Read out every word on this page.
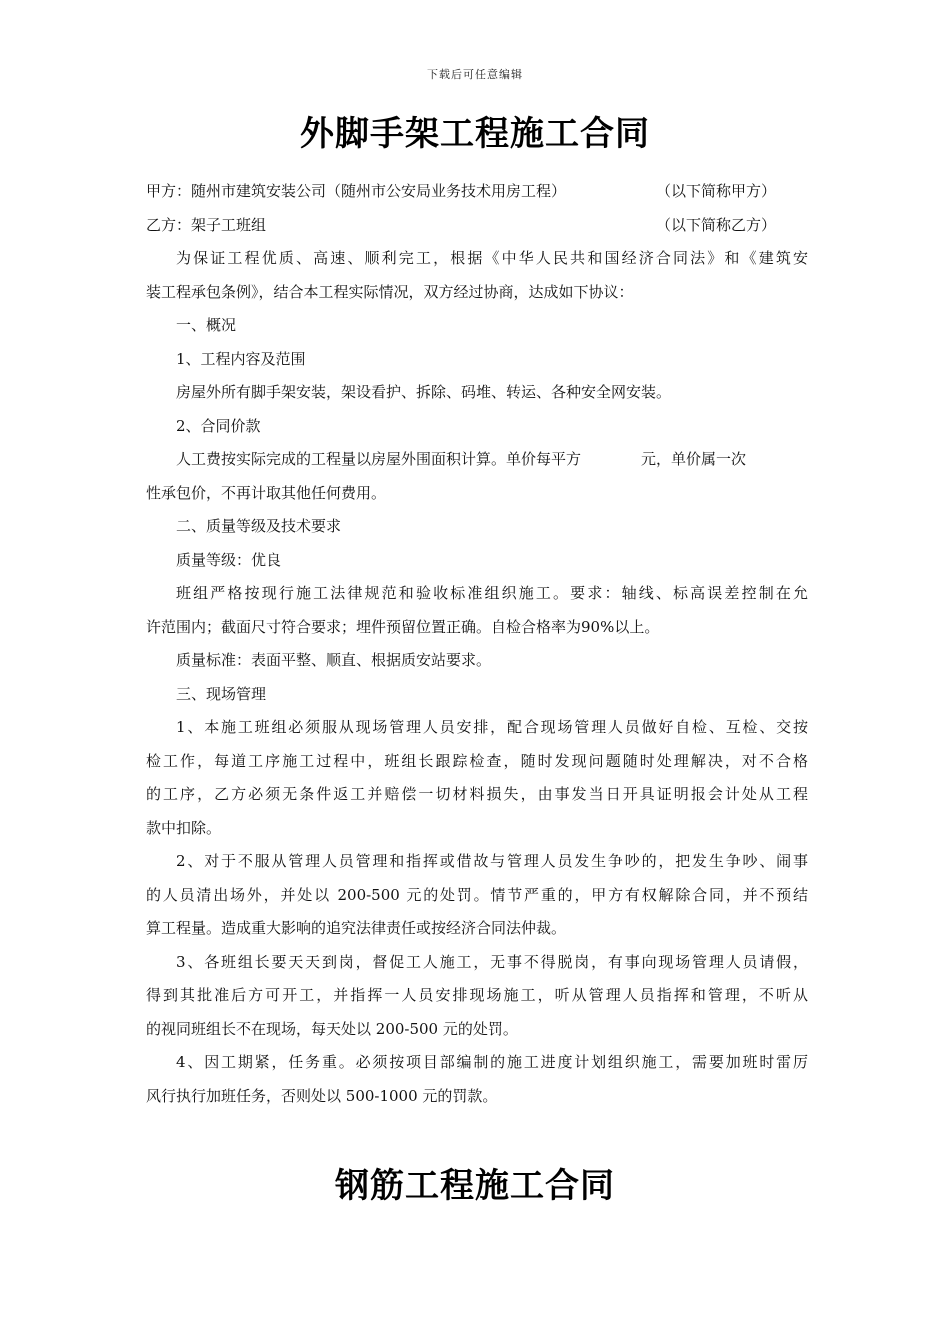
下载后可任意编辑
外脚手架工程施工合同
甲方：随州市建筑安装公司（随州市公安局业务技术用房工程）	（以下简称甲方）
乙方：架子工班组	（以下简称乙方）
为保证工程优质、高速、顺利完工，根据《中华人民共和国经济合同法》和《建筑安
装工程承包条例》，结合本工程实际情况，双方经过协商，达成如下协议：
一、概况
1、工程内容及范围
房屋外所有脚手架安装，架设看护、拆除、码堆、转运、各种安全网安装。
2、合同价款
人工费按实际完成的工程量以房屋外围面积计算。单价每平方	元，单价属一次
性承包价，不再计取其他任何费用。
二、质量等级及技术要求
质量等级：优良
班组严格按现行施工法律规范和验收标准组织施工。要求：轴线、标高误差控制在允
许范围内；截面尺寸符合要求；埋件预留位置正确。自检合格率为90%以上。
质量标准：表面平整、顺直、根据质安站要求。
三、现场管理
1、本施工班组必须服从现场管理人员安排，配合现场管理人员做好自检、互检、交按
检工作，每道工序施工过程中，班组长跟踪检查，随时发现问题随时处理解决，对不合格
的工序，乙方必须无条件返工并赔偿一切材料损失，由事发当日开具证明报会计处从工程
款中扣除。
2、对于不服从管理人员管理和指挥或借故与管理人员发生争吵的，把发生争吵、闹事
的人员清出场外，并处以 200-500 元的处罚。情节严重的，甲方有权解除合同，并不预结
算工程量。造成重大影响的追究法律责任或按经济合同法仲裁。
3、各班组长要天天到岗，督促工人施工，无事不得脱岗，有事向现场管理人员请假，
得到其批准后方可开工，并指挥一人员安排现场施工，听从管理人员指挥和管理，不听从
的视同班组长不在现场，每天处以 200-500 元的处罚。
4、因工期紧，任务重。必须按项目部编制的施工进度计划组织施工，需要加班时雷厉
风行执行加班任务，否则处以 500-1000 元的罚款。
钢筋工程施工合同
